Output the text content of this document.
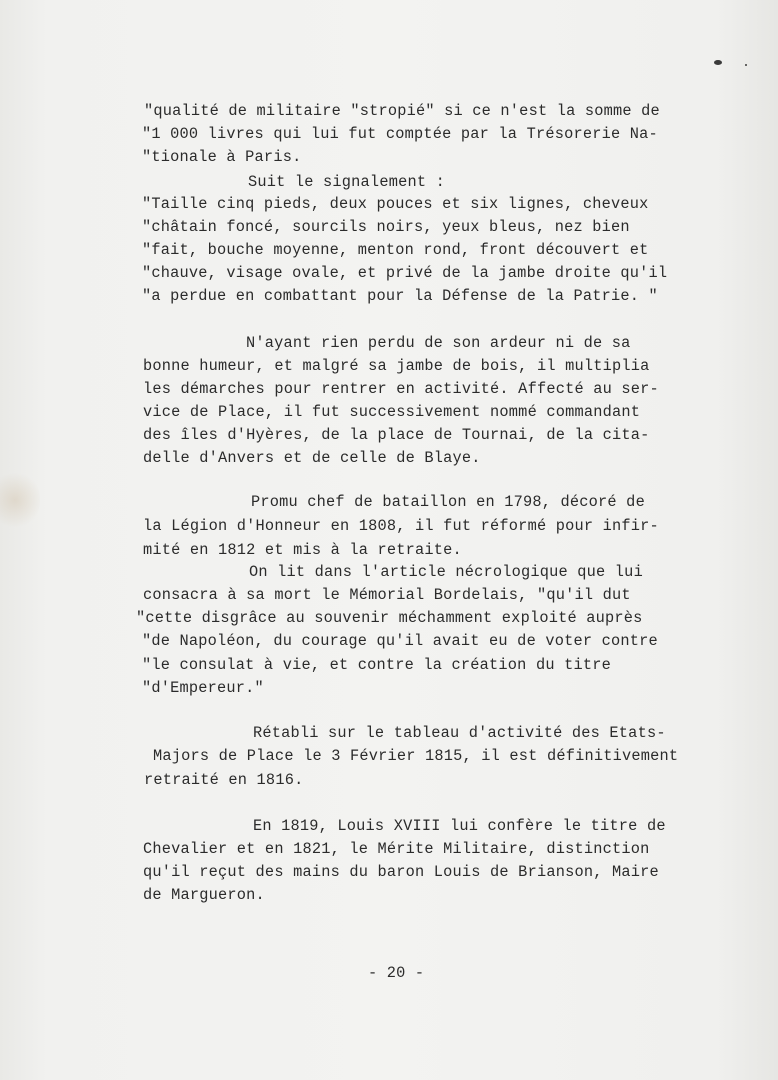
"qualité de militaire "stropié" si ce n'est la somme de
"1 000 livres qui lui fut comptée par la Trésorerie Na-
"tionale à Paris.
Suit le signalement :
"Taille cinq pieds, deux pouces et six lignes, cheveux
"châtain foncé, sourcils noirs, yeux bleus, nez bien
"fait, bouche moyenne, menton rond, front découvert et
"chauve, visage ovale, et privé de la jambe droite qu'il
"a perdue en combattant pour la Défense de la Patrie. "
N'ayant rien perdu de son ardeur ni de sa
bonne humeur, et malgré sa jambe de bois, il multiplia
les démarches pour rentrer en activité. Affecté au ser-
vice de Place, il fut successivement nommé commandant
des îles d'Hyères, de la place de Tournai, de la cita-
delle d'Anvers et de celle de Blaye.
Promu chef de bataillon en 1798, décoré de
la Légion d'Honneur en 1808, il fut réformé pour infir-
mité en 1812 et mis à la retraite.
On lit dans l'article nécrologique que lui
consacra à sa mort le Mémorial Bordelais, "qu'il dut
"cette disgrâce au souvenir méchamment exploité auprès
"de Napoléon, du courage qu'il avait eu de voter contre
"le consulat à vie, et contre la création du titre
"d'Empereur."
Rétabli sur le tableau d'activité des Etats-
Majors de Place le 3 Février 1815, il est définitivement
retraité en 1816.
En 1819, Louis XVIII lui confère le titre de
Chevalier et en 1821, le Mérite Militaire, distinction
qu'il reçut des mains du baron Louis de Brianson, Maire
de Margueron.
- 20 -
